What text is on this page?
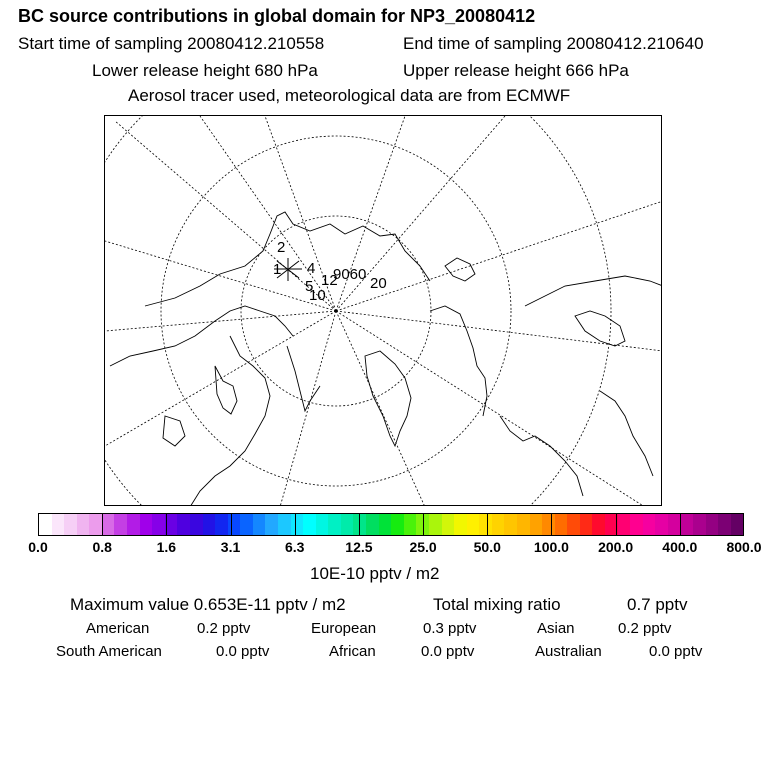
BC source contributions in global domain for NP3_20080412
Start time of sampling 20080412.210558	End time of sampling 20080412.210640
Lower release height 680 hPa	Upper release height 666 hPa
Aerosol tracer used, meteorological data are from ECMWF
2
1 4
5
10
12
9060
20
0.0	0.8	1.6	3.1	6.3	12.5	25.0	50.0 100.0 200.0 400.0 800.0
10E-10 pptv / m2
Maximum value 0.653E-11 pptv / m2	Total mixing ratio	0.7 pptv
American	0.2 pptv	European	0.3 pptv	Asian	0.2 pptv
South American	0.0 pptv	African	0.0 pptv	Australian	0.0 pptv
